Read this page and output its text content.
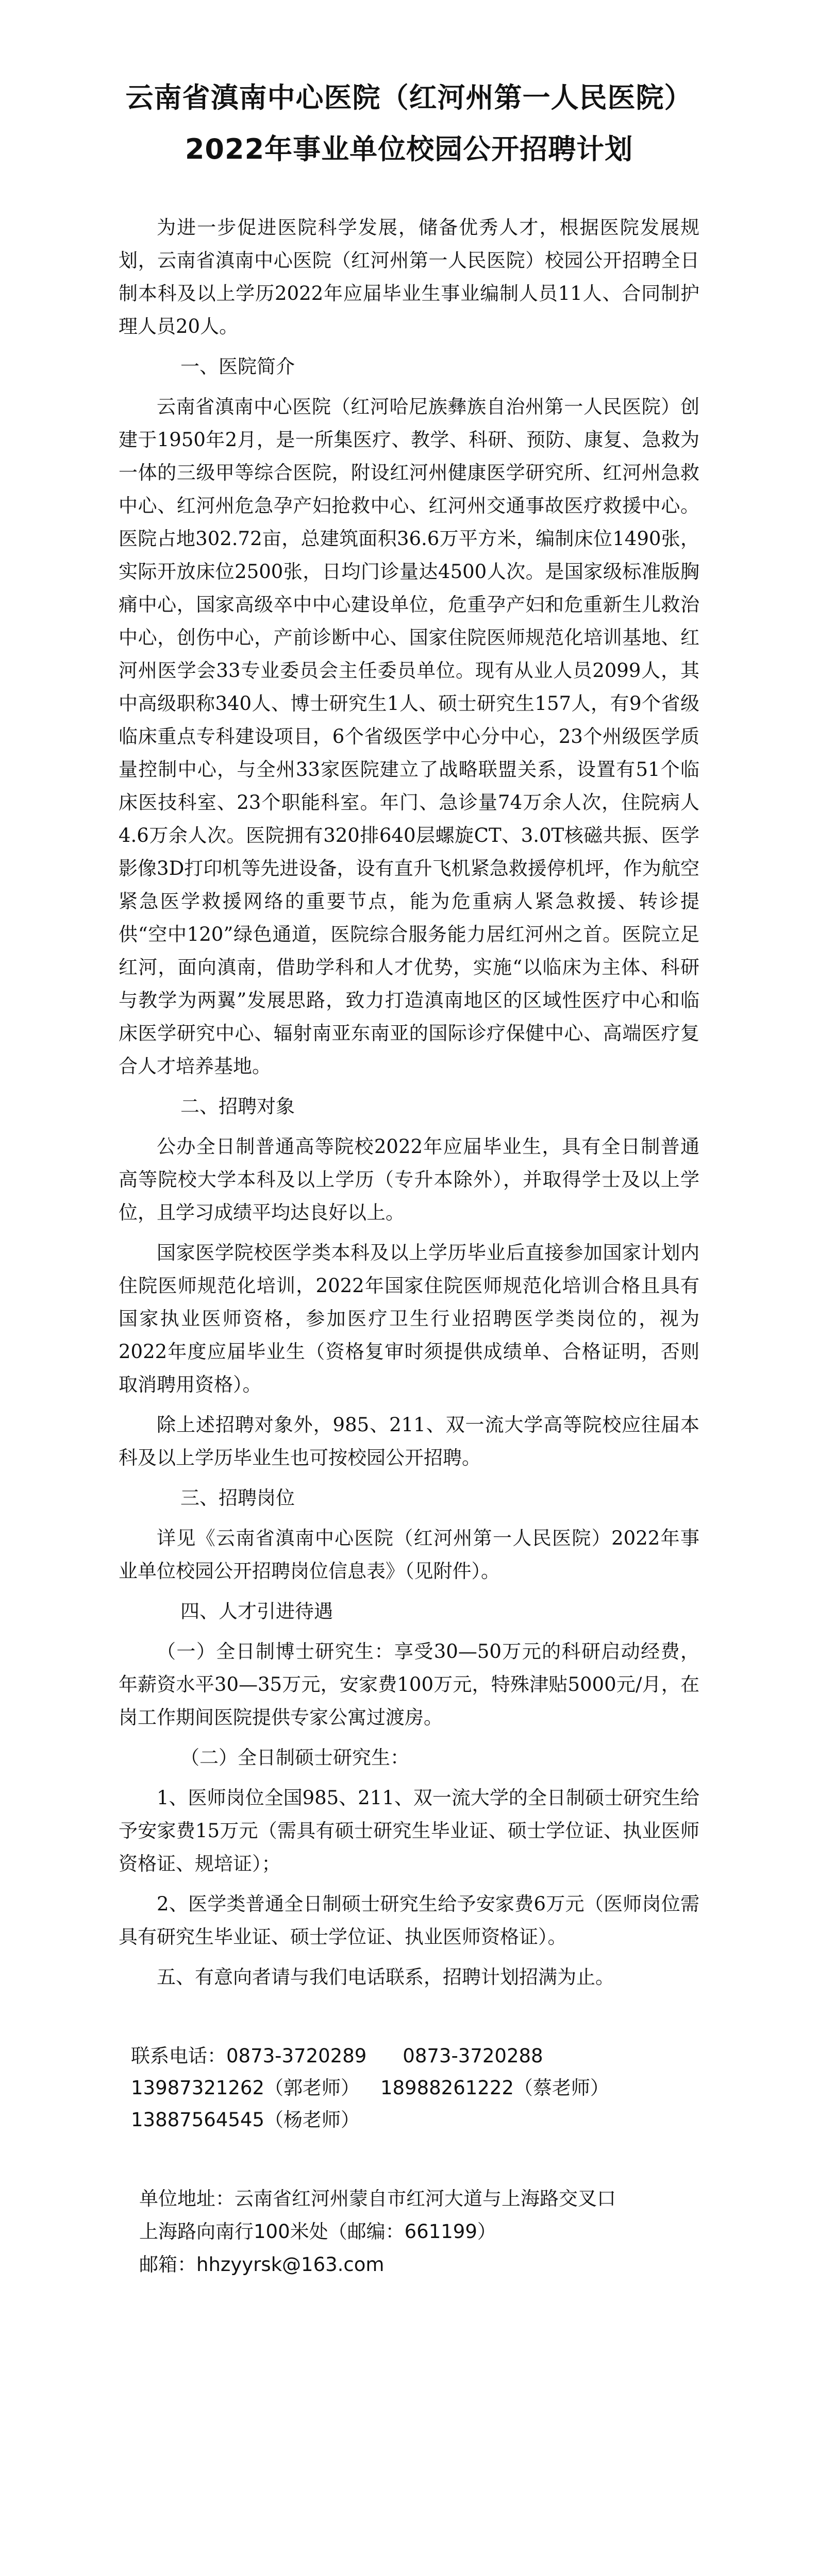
云南省滇南中心医院（红河州第一人民医院）
2022年事业单位校园公开招聘计划

为进一步促进医院科学发展，储备优秀人才，根据医院发展规划，云南省滇南中心医院（红河州第一人民医院）校园公开招聘全日制本科及以上学历2022年应届毕业生事业编制人员11人、合同制护理人员20人。

一、医院简介

云南省滇南中心医院（红河哈尼族彝族自治州第一人民医院）创建于1950年2月，是一所集医疗、教学、科研、预防、康复、急救为一体的三级甲等综合医院，附设红河州健康医学研究所、红河州急救中心、红河州危急孕产妇抢救中心、红河州交通事故医疗救援中心。医院占地302.72亩，总建筑面积36.6万平方米，编制床位1490张，实际开放床位2500张，日均门诊量达4500人次。是国家级标准版胸痛中心，国家高级卒中中心建设单位，危重孕产妇和危重新生儿救治中心，创伤中心，产前诊断中心、国家住院医师规范化培训基地、红河州医学会33专业委员会主任委员单位。现有从业人员2099人，其中高级职称340人、博士研究生1人、硕士研究生157人，有9个省级临床重点专科建设项目，6个省级医学中心分中心，23个州级医学质量控制中心，与全州33家医院建立了战略联盟关系，设置有51个临床医技科室、23个职能科室。年门、急诊量74万余人次，住院病人4.6万余人次。医院拥有320排640层螺旋CT、3.0T核磁共振、医学影像3D打印机等先进设备，设有直升飞机紧急救援停机坪，作为航空紧急医学救援网络的重要节点，能为危重病人紧急救援、转诊提供“空中120”绿色通道，医院综合服务能力居红河州之首。医院立足红河，面向滇南，借助学科和人才优势，实施“以临床为主体、科研与教学为两翼”发展思路，致力打造滇南地区的区域性医疗中心和临床医学研究中心、辐射南亚东南亚的国际诊疗保健中心、高端医疗复合人才培养基地。

二、招聘对象

公办全日制普通高等院校2022年应届毕业生，具有全日制普通高等院校大学本科及以上学历（专升本除外），并取得学士及以上学位，且学习成绩平均达良好以上。

国家医学院校医学类本科及以上学历毕业后直接参加国家计划内住院医师规范化培训，2022年国家住院医师规范化培训合格且具有国家执业医师资格，参加医疗卫生行业招聘医学类岗位的，视为2022年度应届毕业生（资格复审时须提供成绩单、合格证明，否则取消聘用资格）。

除上述招聘对象外，985、211、双一流大学高等院校应往届本科及以上学历毕业生也可按校园公开招聘。

三、招聘岗位

详见《云南省滇南中心医院（红河州第一人民医院）2022年事业单位校园公开招聘岗位信息表》（见附件）。

四、人才引进待遇

（一）全日制博士研究生：享受30—50万元的科研启动经费，年薪资水平30—35万元，安家费100万元，特殊津贴5000元/月，在岗工作期间医院提供专家公寓过渡房。

（二）全日制硕士研究生：

1、医师岗位全国985、211、双一流大学的全日制硕士研究生给予安家费15万元（需具有硕士研究生毕业证、硕士学位证、执业医师资格证、规培证）；

2、医学类普通全日制硕士研究生给予安家费6万元（医师岗位需具有研究生毕业证、硕士学位证、执业医师资格证）。

五、有意向者请与我们电话联系，招聘计划招满为止。

联系电话：0873-3720289 0873-3720288

13987321262（郭老师） 18988261222（蔡老师）

13887564545（杨老师）

单位地址：云南省红河州蒙自市红河大道与上海路交叉口

上海路向南行100米处（邮编：661199）

邮箱：hhzyyrsk@163.com
